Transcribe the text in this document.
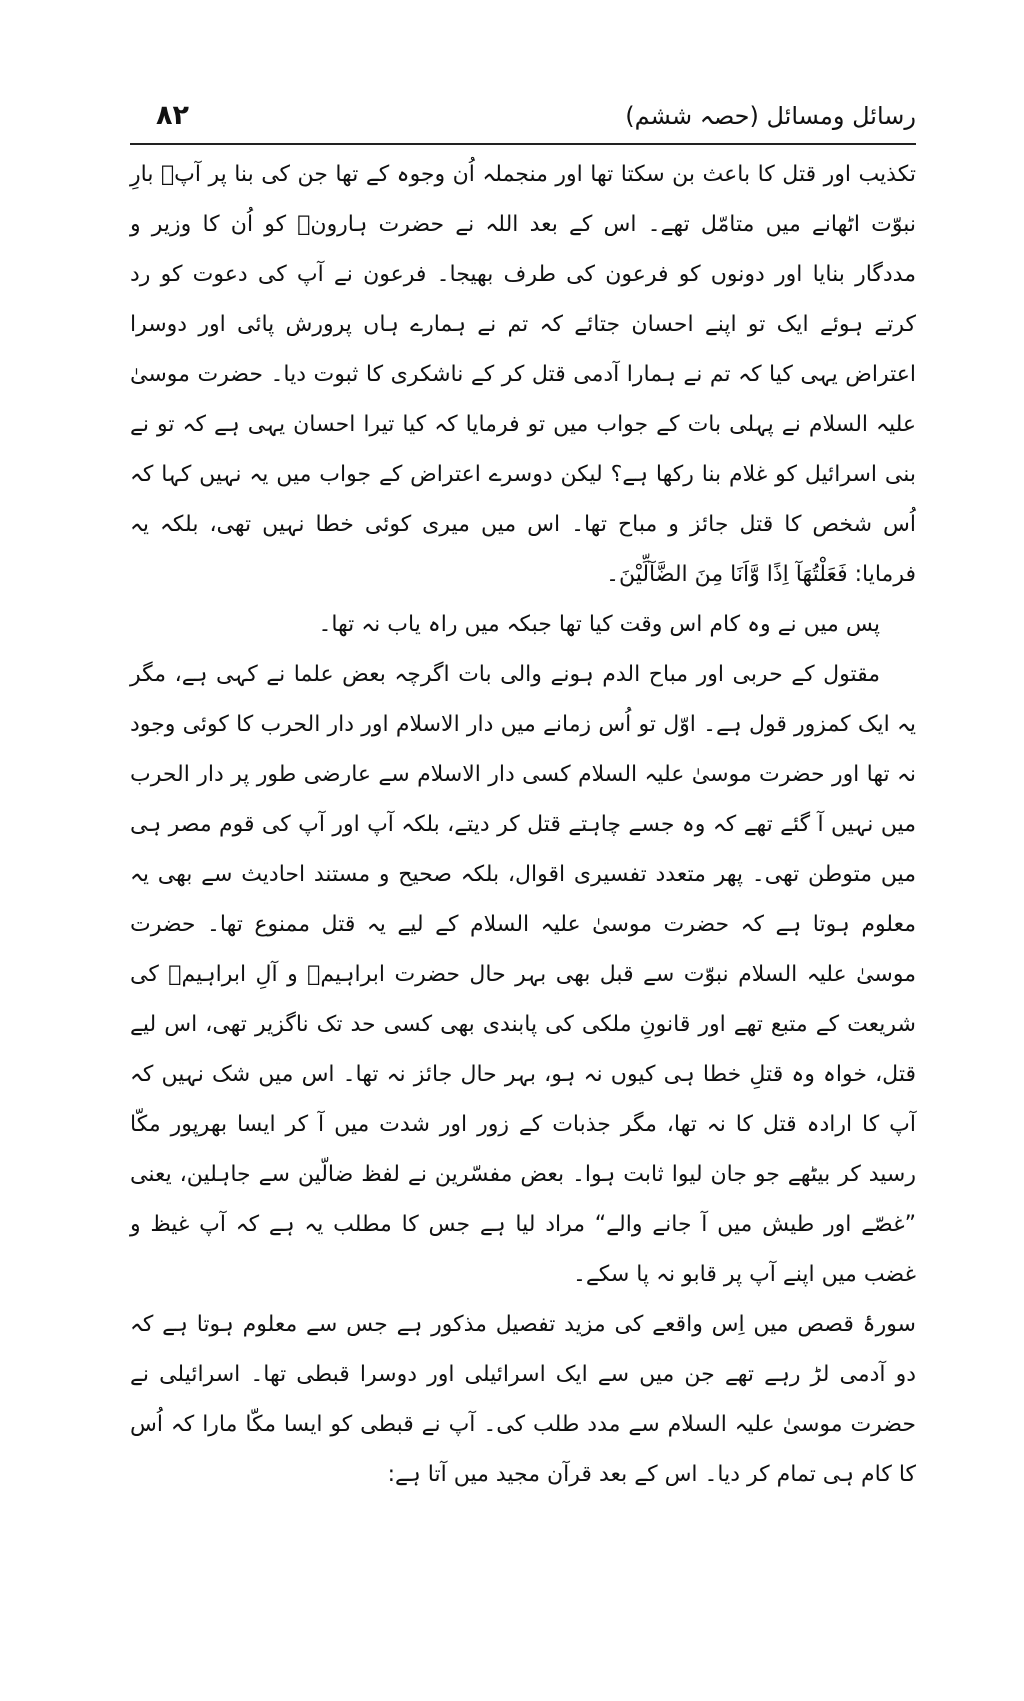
رسائل ومسائل (حصہ ششم)
۸۲

تکذیب اور قتل کا باعث بن سکتا تھا اور منجملہ اُن وجوہ کے تھا جن کی بنا پر آپؑ بارِ نبوّت اٹھانے میں متامّل تھے۔ اس کے بعد اللہ نے حضرت ہارونؑ کو اُن کا وزیر و مددگار بنایا اور دونوں کو فرعون کی طرف بھیجا۔ فرعون نے آپ کی دعوت کو رد کرتے ہوئے ایک تو اپنے احسان جتائے کہ تم نے ہمارے ہاں پرورش پائی اور دوسرا اعتراض یہی کیا کہ تم نے ہمارا آدمی قتل کر کے ناشکری کا ثبوت دیا۔ حضرت موسیٰ علیہ السلام نے پہلی بات کے جواب میں تو فرمایا کہ کیا تیرا احسان یہی ہے کہ تو نے بنی اسرائیل کو غلام بنا رکھا ہے؟ لیکن دوسرے اعتراض کے جواب میں یہ نہیں کہا کہ اُس شخص کا قتل جائز و مباح تھا۔ اس میں میری کوئی خطا نہیں تھی، بلکہ یہ فرمایا: فَعَلْتُهَآ اِذًا وَّاَنَا مِنَ الضَّآلِّيْنَ۔

پس میں نے وہ کام اس وقت کیا تھا جبکہ میں راہ یاب نہ تھا۔

مقتول کے حربی اور مباح الدم ہونے والی بات اگرچہ بعض علما نے کہی ہے، مگر یہ ایک کمزور قول ہے۔ اوّل تو اُس زمانے میں دار الاسلام اور دار الحرب کا کوئی وجود نہ تھا اور حضرت موسیٰ علیہ السلام کسی دار الاسلام سے عارضی طور پر دار الحرب میں نہیں آ گئے تھے کہ وہ جسے چاہتے قتل کر دیتے، بلکہ آپ اور آپ کی قوم مصر ہی میں متوطن تھی۔ پھر متعدد تفسیری اقوال، بلکہ صحیح و مستند احادیث سے بھی یہ معلوم ہوتا ہے کہ حضرت موسیٰ علیہ السلام کے لیے یہ قتل ممنوع تھا۔ حضرت موسیٰ علیہ السلام نبوّت سے قبل بھی بہر حال حضرت ابراہیمؑ و آلِ ابراہیمؑ کی شریعت کے متبع تھے اور قانونِ ملکی کی پابندی بھی کسی حد تک ناگزیر تھی، اس لیے قتل، خواہ وہ قتلِ خطا ہی کیوں نہ ہو، بہر حال جائز نہ تھا۔ اس میں شک نہیں کہ آپ کا ارادہ قتل کا نہ تھا، مگر جذبات کے زور اور شدت میں آ کر ایسا بھرپور مکّا رسید کر بیٹھے جو جان لیوا ثابت ہوا۔ بعض مفسّرین نے لفظ ضالّین سے جاہلین، یعنی ”غصّے اور طیش میں آ جانے والے“ مراد لیا ہے جس کا مطلب یہ ہے کہ آپ غیظ و غضب میں اپنے آپ پر قابو نہ پا سکے۔

سورۂ قصص میں اِس واقعے کی مزید تفصیل مذکور ہے جس سے معلوم ہوتا ہے کہ دو آدمی لڑ رہے تھے جن میں سے ایک اسرائیلی اور دوسرا قبطی تھا۔ اسرائیلی نے حضرت موسیٰ علیہ السلام سے مدد طلب کی۔ آپ نے قبطی کو ایسا مکّا مارا کہ اُس کا کام ہی تمام کر دیا۔ اس کے بعد قرآن مجید میں آتا ہے:
